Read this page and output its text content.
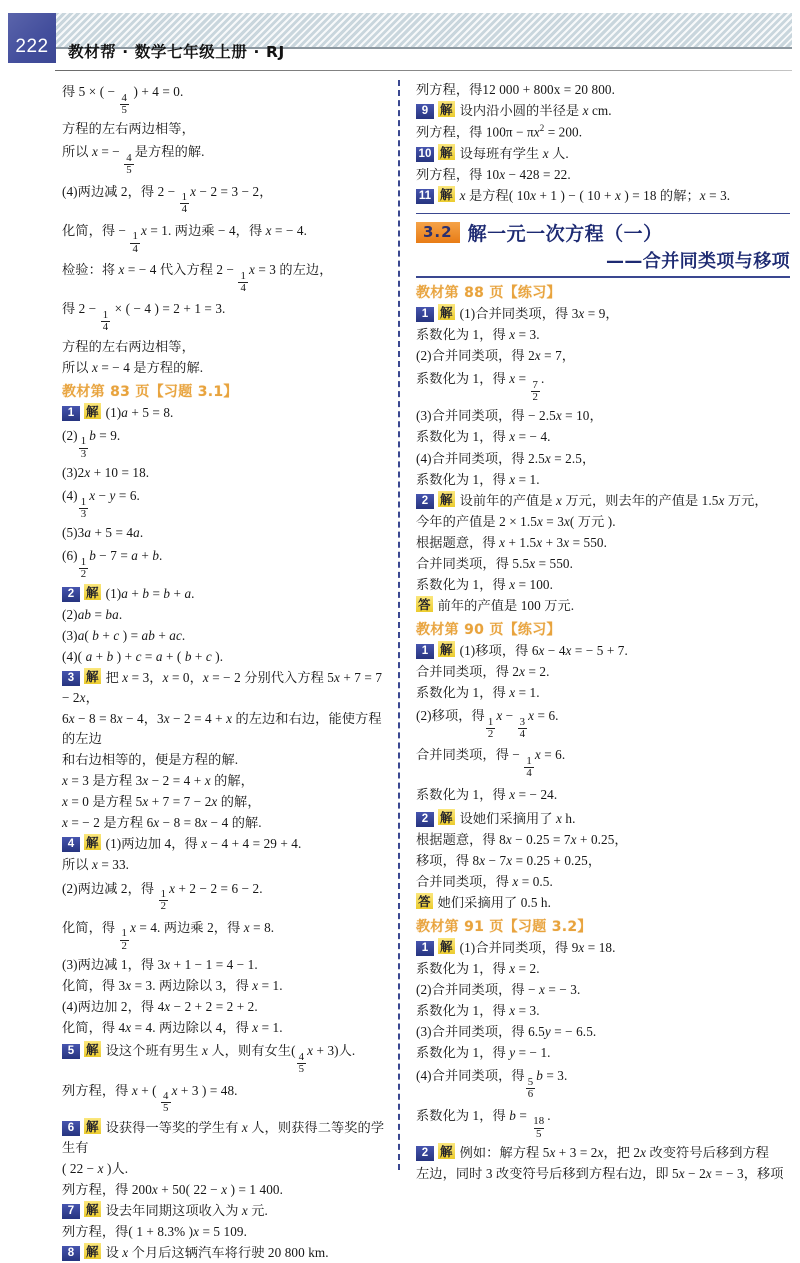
222 教材帮 · 数学七年级上册 · RJ
得 5 × ( −
$\frac{4}{5}$
) + 4 = 0.
方程的左右两边相等，
所以 x = −
$\frac{4}{5}$
是方程的解.
(4)两边减 2，得 2 −
$\frac{1}{4}$
x − 2 = 3 − 2，
化简，得 −
$\frac{1}{4}$
x = 1. 两边乘 − 4，得 x = − 4.
检验：将 x = − 4 代入方程 2 −
$\frac{1}{4}$
x = 3 的左边，
得 2 −
$\frac{1}{4}$
× ( − 4 ) = 2 + 1 = 3.
方程的左右两边相等，
所以 x = − 4 是方程的解.
教材第 83 页【习题 3.1】
1 解 (1)a + 5 = 8.
(2)
$\frac{1}{3}$
b = 9.
(3)2x + 10 = 18.
(4)
$\frac{1}{3}$
x − y = 6.
(5)3a + 5 = 4a.
(6)
$\frac{1}{2}$
b − 7 = a + b.
2 解 (1)a + b = b + a.
(2)ab = ba.
(3)a( b + c ) = ab + ac.
(4)( a + b ) + c = a + ( b + c ).
3 解 把 x = 3，x = 0，x = − 2 分别代入方程 5x + 7 = 7 − 2x，
6x − 8 = 8x − 4，3x − 2 = 4 + x 的左边和右边，能使方程的左边
和右边相等的，便是方程的解.
x = 3 是方程 3x − 2 = 4 + x 的解，
x = 0 是方程 5x + 7 = 7 − 2x 的解，
x = − 2 是方程 6x − 8 = 8x − 4 的解.
4 解 (1)两边加 4，得 x − 4 + 4 = 29 + 4.
所以 x = 33.
(2)两边减 2，得
$\frac{1}{2}$
x + 2 − 2 = 6 − 2.
化简，得
$\frac{1}{2}$
x = 4. 两边乘 2，得 x = 8.
(3)两边减 1，得 3x + 1 − 1 = 4 − 1.
化简，得 3x = 3. 两边除以 3，得 x = 1.
(4)两边加 2，得 4x − 2 + 2 = 2 + 2.
化简，得 4x = 4. 两边除以 4，得 x = 1.
5 解 设这个班有男生 x 人，则有女生(
$\frac{4}{5}$
x + 3)人.
列方程，得 x + (
$\frac{4}{5}$
x + 3 ) = 48.
6 解 设获得一等奖的学生有 x 人，则获得二等奖的学生有
( 22 − x )人.
列方程，得 200x + 50( 22 − x ) = 1 400.
7 解 设去年同期这项收入为 x 元.
列方程，得( 1 + 8.3% )x = 5 109.
8 解 设 x 个月后这辆汽车将行驶 20 800 km.
列方程，得12 000 + 800x = 20 800.
9 解 设内沿小圆的半径是 x cm.
列方程，得 $100\pi - \pi x^2 = 200$.
10 解 设每班有学生 x 人.
列方程，得 10x − 428 = 22.
11 解 x 是方程( 10x + 1 ) − ( 10 + x ) = 18 的解；x = 3.
3.2 解一元一次方程（一）
——合并同类项与移项
教材第 88 页【练习】
1 解 (1)合并同类项，得 3x = 9，
系数化为 1，得 x = 3.
(2)合并同类项，得 2x = 7，
系数化为 1，得 x =
$\frac{7}{2}$
.
(3)合并同类项，得 − 2.5x = 10，
系数化为 1，得 x = − 4.
(4)合并同类项，得 2.5x = 2.5，
系数化为 1，得 x = 1.
2 解 设前年的产值是 x 万元，则去年的产值是 1.5x 万元，
今年的产值是 2 × 1.5x = 3x( 万元 ).
根据题意，得 x + 1.5x + 3x = 550.
合并同类项，得 5.5x = 550.
系数化为 1，得 x = 100.
答 前年的产值是 100 万元.
教材第 90 页【练习】
1 解 (1)移项，得 6x − 4x = − 5 + 7.
合并同类项，得 2x = 2.
系数化为 1，得 x = 1.
(2)移项，得
$\frac{1}{2}$
x −
$\frac{3}{4}$
x = 6.
合并同类项，得 −
$\frac{1}{4}$
x = 6.
系数化为 1，得 x = − 24.
2 解 设她们采摘用了 x h.
根据题意，得 8x − 0.25 = 7x + 0.25，
移项，得 8x − 7x = 0.25 + 0.25，
合并同类项，得 x = 0.5.
答 她们采摘用了 0.5 h.
教材第 91 页【习题 3.2】
1 解 (1)合并同类项，得 9x = 18.
系数化为 1，得 x = 2.
(2)合并同类项，得 − x = − 3.
系数化为 1，得 x = 3.
(3)合并同类项，得 6.5y = − 6.5.
系数化为 1，得 y = − 1.
(4)合并同类项，得
$\frac{5}{6}$
b = 3.
系数化为 1，得 b =
$\frac{18}{5}$
.
2 解 例如：解方程 5x + 3 = 2x，把 2x 改变符号后移到方程
左边，同时 3 改变符号后移到方程右边，即 5x − 2x = − 3，移项
